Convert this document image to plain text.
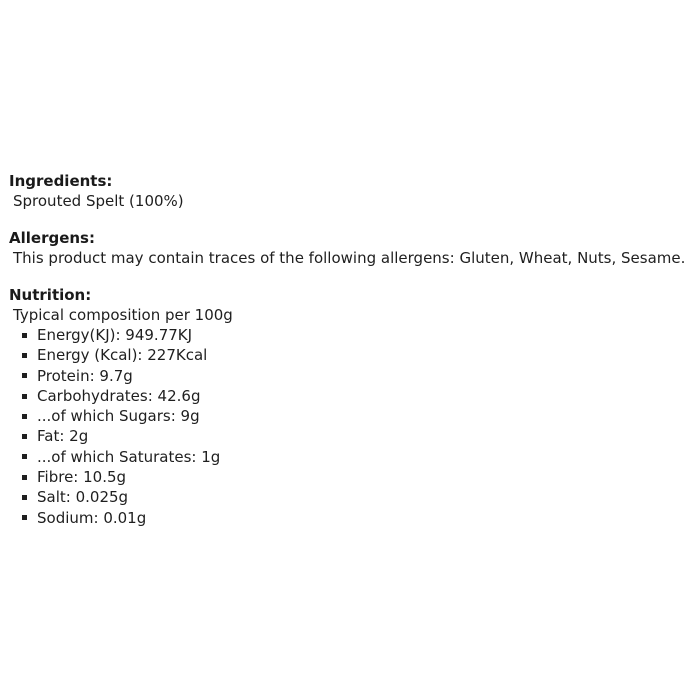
Ingredients:

Sprouted Spelt (100%)

Allergens:

This product may contain traces of the following allergens: Gluten, Wheat, Nuts, Sesame.

Nutrition:

Typical composition per 100g

Energy(KJ): 949.77KJ
Energy (Kcal): 227Kcal
Protein: 9.7g
Carbohydrates: 42.6g
...of which Sugars: 9g
Fat: 2g
...of which Saturates: 1g
Fibre: 10.5g
Salt: 0.025g
Sodium: 0.01g
